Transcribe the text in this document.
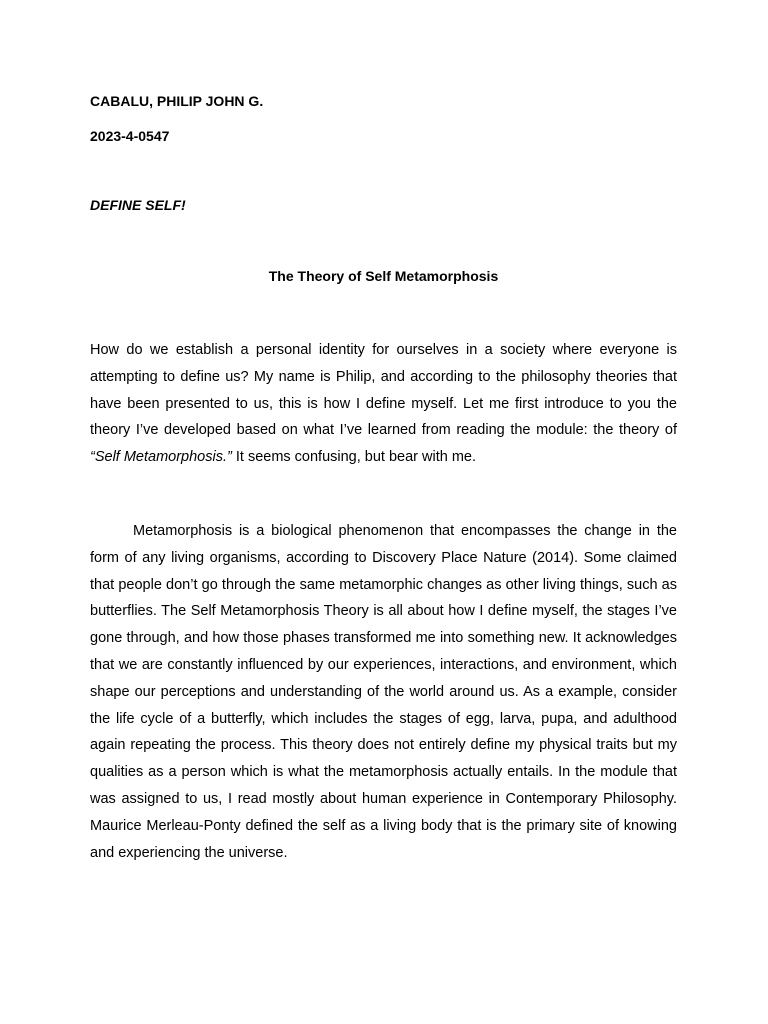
CABALU, PHILIP JOHN G.
2023-4-0547
DEFINE SELF!
The Theory of Self Metamorphosis

How do we establish a personal identity for ourselves in a society where everyone is attempting to define us? My name is Philip, and according to the philosophy theories that have been presented to us, this is how I define myself. Let me first introduce to you the theory I’ve developed based on what I’ve learned from reading the module: the theory of “Self Metamorphosis.” It seems confusing, but bear with me.

Metamorphosis is a biological phenomenon that encompasses the change in the form of any living organisms, according to Discovery Place Nature (2014). Some claimed that people don’t go through the same metamorphic changes as other living things, such as butterflies. The Self Metamorphosis Theory is all about how I define myself, the stages I’ve gone through, and how those phases transformed me into something new. It acknowledges that we are constantly influenced by our experiences, interactions, and environment, which shape our perceptions and understanding of the world around us. As a example, consider the life cycle of a butterfly, which includes the stages of egg, larva, pupa, and adulthood again repeating the process. This theory does not entirely define my physical traits but my qualities as a person which is what the metamorphosis actually entails. In the module that was assigned to us, I read mostly about human experience in Contemporary Philosophy. Maurice Merleau-Ponty defined the self as a living body that is the primary site of knowing and experiencing the universe.
